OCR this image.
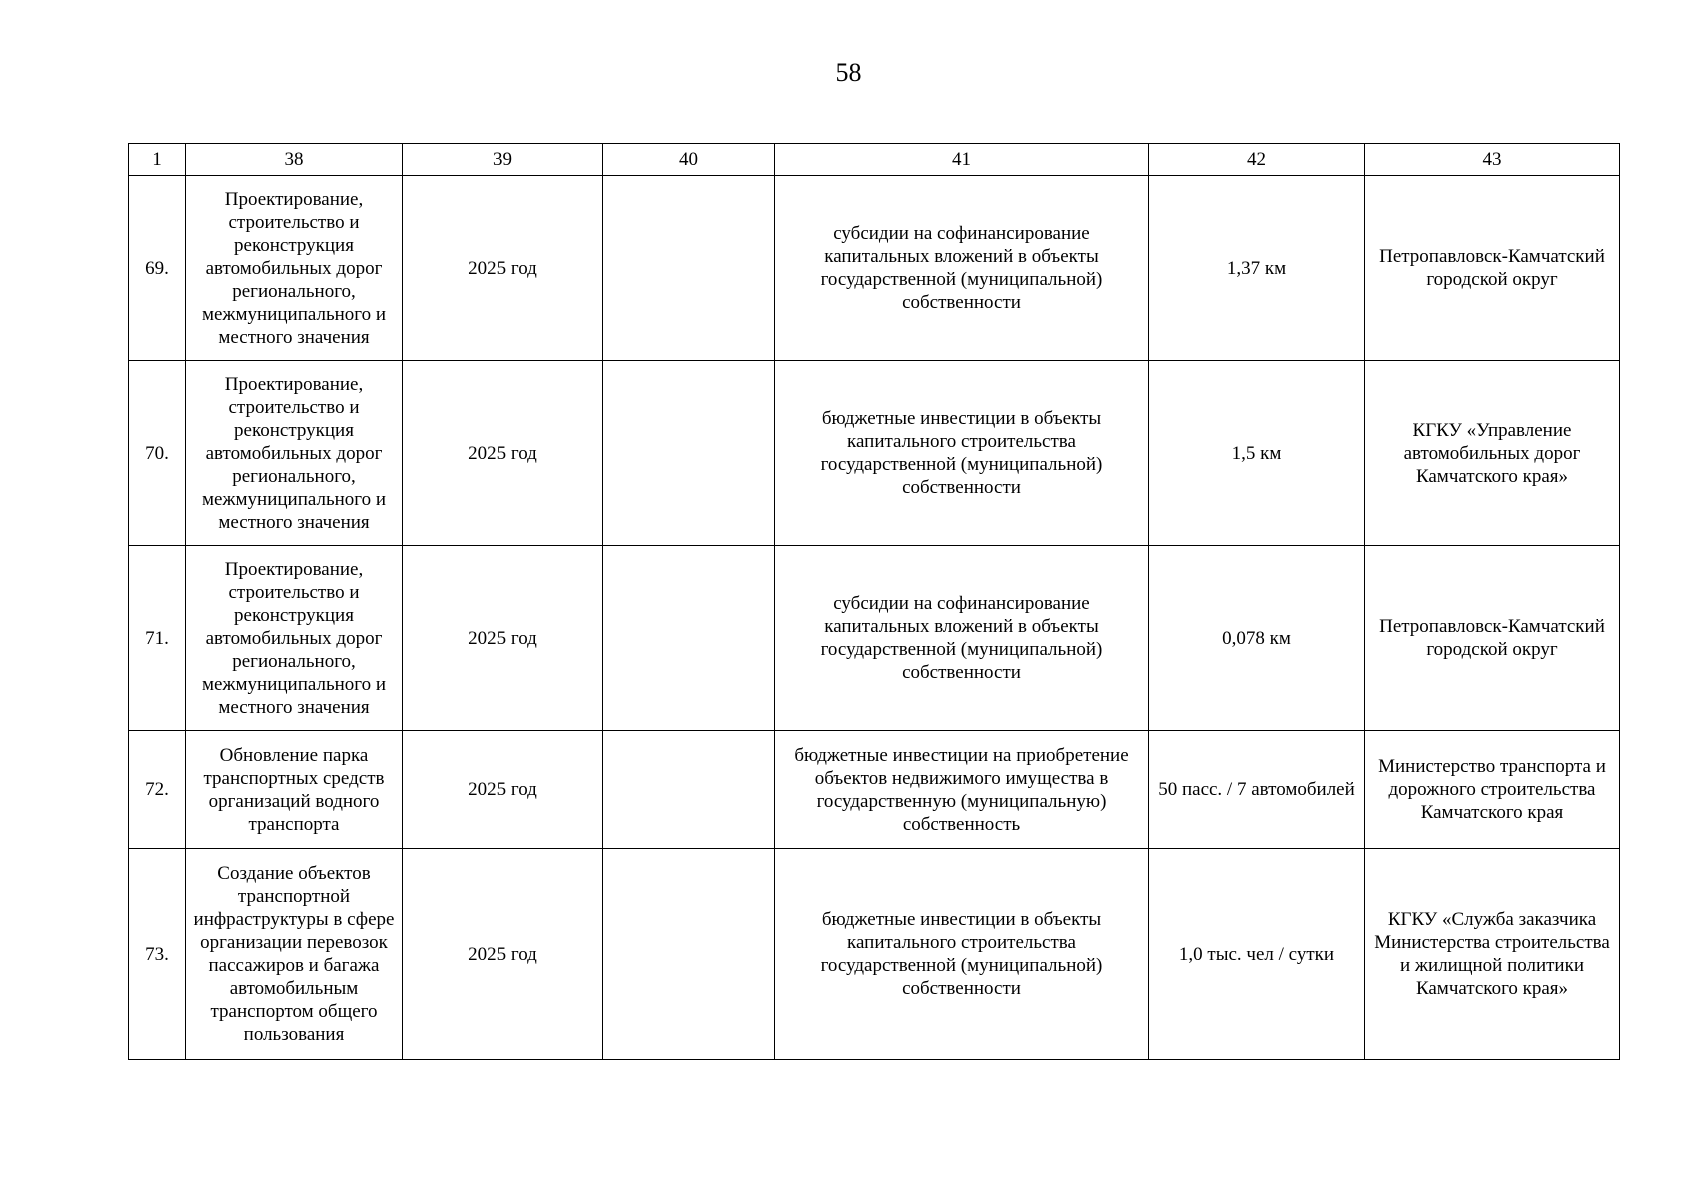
58
1	38	39	40	41	42	43
69.	Проектирование, строительство и реконструкция автомобильных дорог регионального, межмуниципального и местного значения	2025 год		субсидии на софинансирование капитальных вложений в объекты государственной (муниципальной) собственности	1,37 км	Петропавловск-Камчатский городской округ
70.	Проектирование, строительство и реконструкция автомобильных дорог регионального, межмуниципального и местного значения	2025 год		бюджетные инвестиции в объекты капитального строительства государственной (муниципальной) собственности	1,5 км	КГКУ «Управление автомобильных дорог Камчатского края»
71.	Проектирование, строительство и реконструкция автомобильных дорог регионального, межмуниципального и местного значения	2025 год		субсидии на софинансирование капитальных вложений в объекты государственной (муниципальной) собственности	0,078 км	Петропавловск-Камчатский городской округ
72.	Обновление парка транспортных средств организаций водного транспорта	2025 год		бюджетные инвестиции на приобретение объектов недвижимого имущества в государственную (муниципальную) собственность	50 пасс. / 7 автомобилей	Министерство транспорта и дорожного строительства Камчатского края
73.	Создание объектов транспортной инфраструктуры в сфере организации перевозок пассажиров и багажа автомобильным транспортом общего пользования	2025 год		бюджетные инвестиции в объекты капитального строительства государственной (муниципальной) собственности	1,0 тыс. чел / сутки	КГКУ «Служба заказчика Министерства строительства и жилищной политики Камчатского края»
